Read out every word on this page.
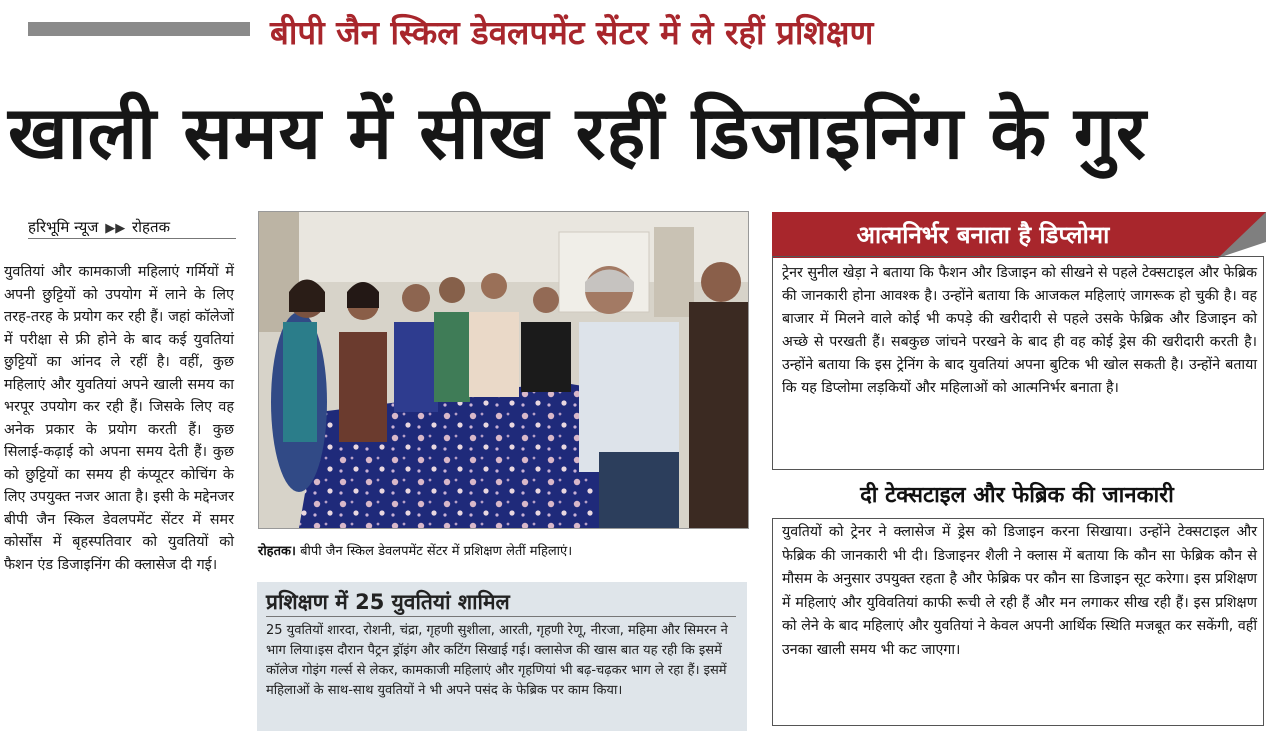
बीपी जैन स्किल डेवलपमेंट सेंटर में ले रहीं प्रशिक्षण
खाली समय में सीख रहीं डिजाइनिंग के गुर
हरिभूमि न्यूज ▶▶ रोहतक
युवतियां और कामकाजी महिलाएं गर्मियों में अपनी छुट्टियों को उपयोग में लाने के लिए तरह-तरह के प्रयोग कर रही हैं। जहां कॉलेजों में परीक्षा से फ्री होने के बाद कई युवतियां छुट्टियों का आंनद ले रहीं है। वहीं, कुछ महिलाएं और युवतियां अपने खाली समय का भरपूर उपयोग कर रही हैं। जिसके लिए वह अनेक प्रकार के प्रयोग करती हैं। कुछ सिलाई-कढ़ाई को अपना समय देती हैं। कुछ को छुट्टियों का समय ही कंप्यूटर कोचिंग के लिए उपयुक्त नजर आता है। इसी के मद्देनजर बीपी जैन स्किल डेवलपमेंट सेंटर में समर कोर्सोंस में बृहस्पतिवार को युवतियों को फैशन एंड डिजाइनिंग की क्लासेज दी गई।
रोहतक। बीपी जैन स्किल डेवलपमेंट सेंटर में प्रशिक्षण लेतीं महिलाएं।
प्रशिक्षण में 25 युवतियां शामिल
25 युवतियों शारदा, रोशनी, चंद्रा, गृहणी सुशीला, आरती, गृहणी रेणू, नीरजा, महिमा और सिमरन ने भाग लिया।इस दौरान पैट्रन ड्रॉइंग और कटिंग सिखाई गई। क्लासेज की खास बात यह रही कि इसमें कॉलेज गोइंग गर्ल्स से लेकर, कामकाजी महिलाएं और गृहणियां भी बढ़-चढ़कर भाग ले रहा हैं। इसमें महिलाओं के साथ-साथ युवतियों ने भी अपने पसंद के फेब्रिक पर काम किया।
आत्मनिर्भर बनाता है डिप्लोमा
ट्रेनर सुनील खेड़ा ने बताया कि फैशन और डिजाइन को सीखने से पहले टेक्सटाइल और फेब्रिक की जानकारी होना आवश्क है। उन्होंने बताया कि आजकल महिलाएं जागरूक हो चुकी है। वह बाजार में मिलने वाले कोई भी कपड़े की खरीदारी से पहले उसके फेब्रिक और डिजाइन को अच्छे से परखती हैं। सबकुछ जांचने परखने के बाद ही वह कोई ड्रेस की खरीदारी करती है। उन्होंने बताया कि इस ट्रेनिंग के बाद युवतियां अपना बुटिक भी खोल सकती है। उन्होंने बताया कि यह डिप्लोमा लड़कियों और महिलाओं को आत्मनिर्भर बनाता है।
दी टेक्सटाइल और फेब्रिक की जानकारी
युवतियों को ट्रेनर ने क्लासेज में ड्रेस को डिजाइन करना सिखाया। उन्होंने टेक्सटाइल और फेब्रिक की जानकारी भी दी। डिजाइनर शैली ने क्लास में बताया कि कौन सा फेब्रिक कौन से मौसम के अनुसार उपयुक्त रहता है और फेब्रिक पर कौन सा डिजाइन सूट करेगा। इस प्रशिक्षण में महिलाएं और युविवतियां काफी रूची ले रही हैं और मन लगाकर सीख रही हैं। इस प्रशिक्षण को लेने के बाद महिलाएं और युवतियां ने केवल अपनी आर्थिक स्थिति मजबूत कर सकेंगी, वहीं उनका खाली समय भी कट जाएगा।
